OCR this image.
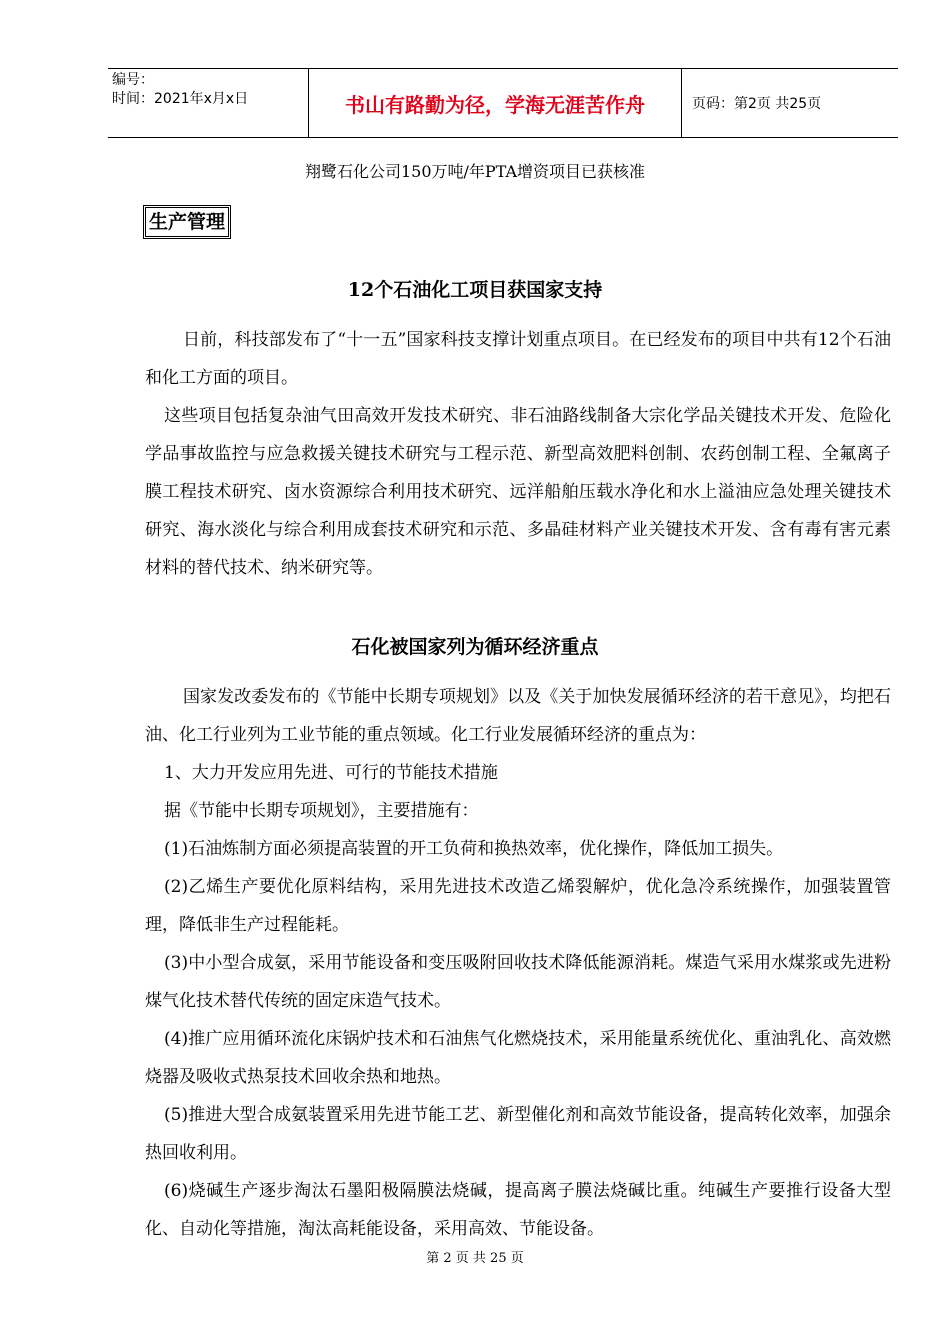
编号：
时间：2021年x月x日	书山有路勤为径，学海无涯苦作舟	页码：第2页 共25页
翔鹭石化公司150万吨/年PTA增资项目已获核准
生产管理
12个石油化工项目获国家支持

日前，科技部发布了“十一五”国家科技支撑计划重点项目。在已经发布的项目中共有12个石油和化工方面的项目。

这些项目包括复杂油气田高效开发技术研究、非石油路线制备大宗化学品关键技术开发、危险化学品事故监控与应急救援关键技术研究与工程示范、新型高效肥料创制、农药创制工程、全氟离子膜工程技术研究、卤水资源综合利用技术研究、远洋船舶压载水净化和水上溢油应急处理关键技术研究、海水淡化与综合利用成套技术研究和示范、多晶硅材料产业关键技术开发、含有毒有害元素材料的替代技术、纳米研究等。

石化被国家列为循环经济重点

国家发改委发布的《节能中长期专项规划》以及《关于加快发展循环经济的若干意见》，均把石油、化工行业列为工业节能的重点领域。化工行业发展循环经济的重点为：

1、大力开发应用先进、可行的节能技术措施

据《节能中长期专项规划》，主要措施有：

(1)石油炼制方面必须提高装置的开工负荷和换热效率，优化操作，降低加工损失。

(2)乙烯生产要优化原料结构，采用先进技术改造乙烯裂解炉，优化急冷系统操作，加强装置管理，降低非生产过程能耗。

(3)中小型合成氨，采用节能设备和变压吸附回收技术降低能源消耗。煤造气采用水煤浆或先进粉煤气化技术替代传统的固定床造气技术。

(4)推广应用循环流化床锅炉技术和石油焦气化燃烧技术，采用能量系统优化、重油乳化、高效燃烧器及吸收式热泵技术回收余热和地热。

(5)推进大型合成氨装置采用先进节能工艺、新型催化剂和高效节能设备，提高转化效率，加强余热回收利用。

(6)烧碱生产逐步淘汰石墨阳极隔膜法烧碱，提高离子膜法烧碱比重。纯碱生产要推行设备大型化、自动化等措施，淘汰高耗能设备，采用高效、节能设备。

第 2 页 共 25 页
